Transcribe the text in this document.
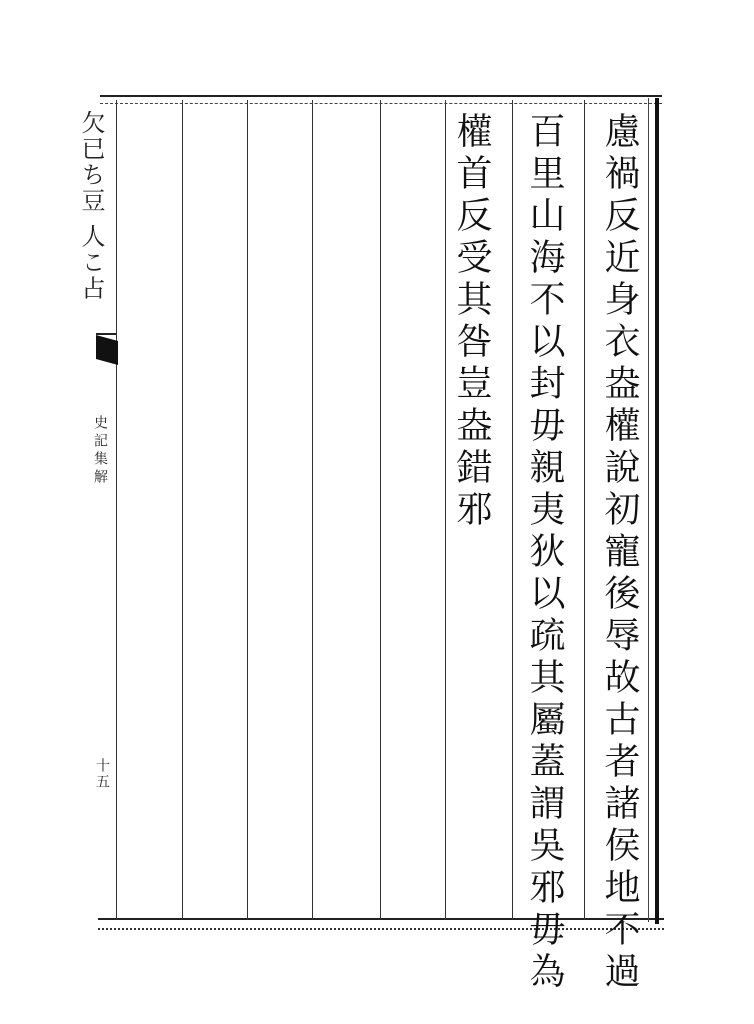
欠已ち豆 人こ占
史記集解
十五	慮禍反近身衣盎權說初寵後辱故古者諸侯地不過
百里山海不以封毋親夷狄以疏其屬蓋謂吳邪毋為
權首反受其咎豈盎錯邪
